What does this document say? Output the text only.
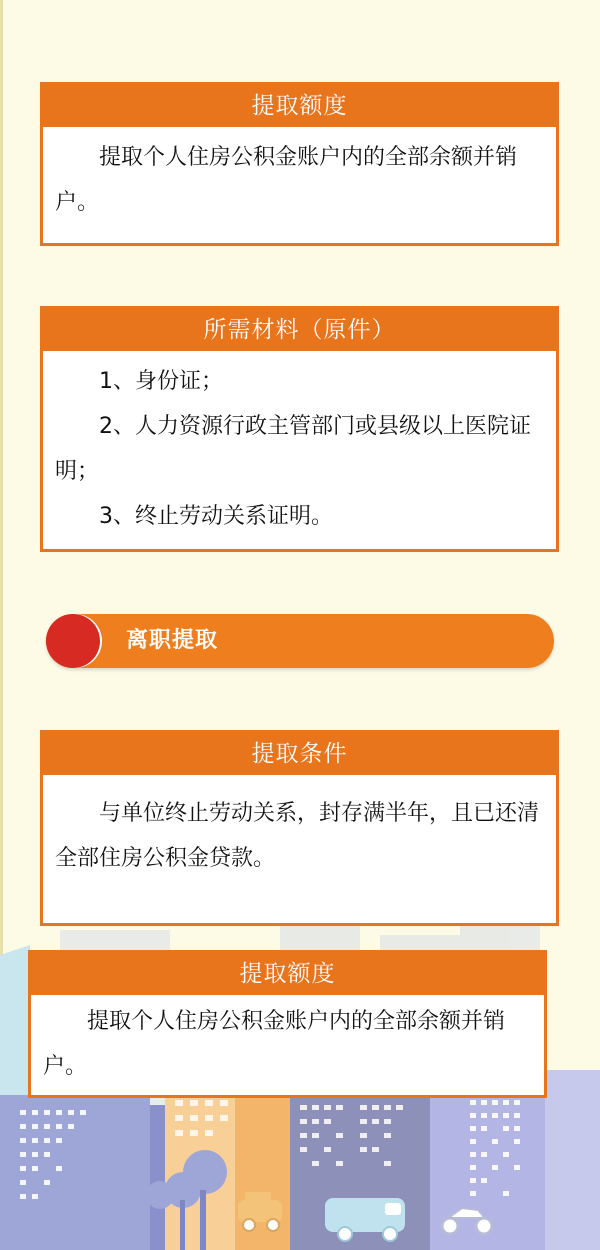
提取额度

提取个人住房公积金账户内的全部余额并销户。

所需材料（原件）

1、身份证；

2、人力资源行政主管部门或县级以上医院证明；

3、终止劳动关系证明。

离职提取
提取条件

与单位终止劳动关系，封存满半年，且已还清全部住房公积金贷款。

提取额度

提取个人住房公积金账户内的全部余额并销户。
